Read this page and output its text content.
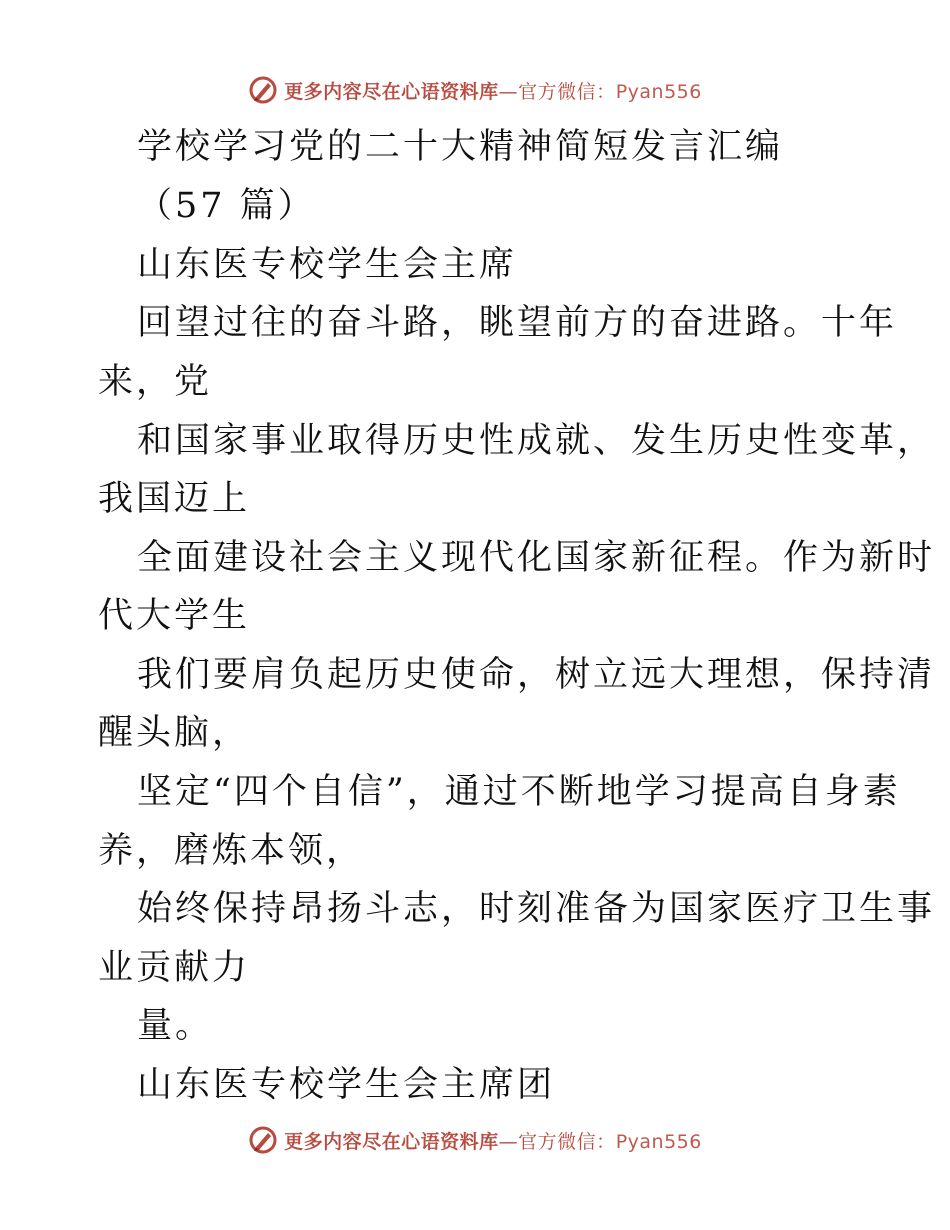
更多内容尽在心语资料库—官方微信：Pyan556
学校学习党的二十大精神简短发言汇编
（57 篇）
山东医专校学生会主席
回望过往的奋斗路，眺望前方的奋进路。十年
来，党
和国家事业取得历史性成就、发生历史性变革，
我国迈上
全面建设社会主义现代化国家新征程。作为新时
代大学生
我们要肩负起历史使命，树立远大理想，保持清
醒头脑，
坚定“四个自信”，通过不断地学习提高自身素
养，磨炼本领，
始终保持昂扬斗志，时刻准备为国家医疗卫生事
业贡献力
量。
山东医专校学生会主席团
更多内容尽在心语资料库—官方微信：Pyan556
